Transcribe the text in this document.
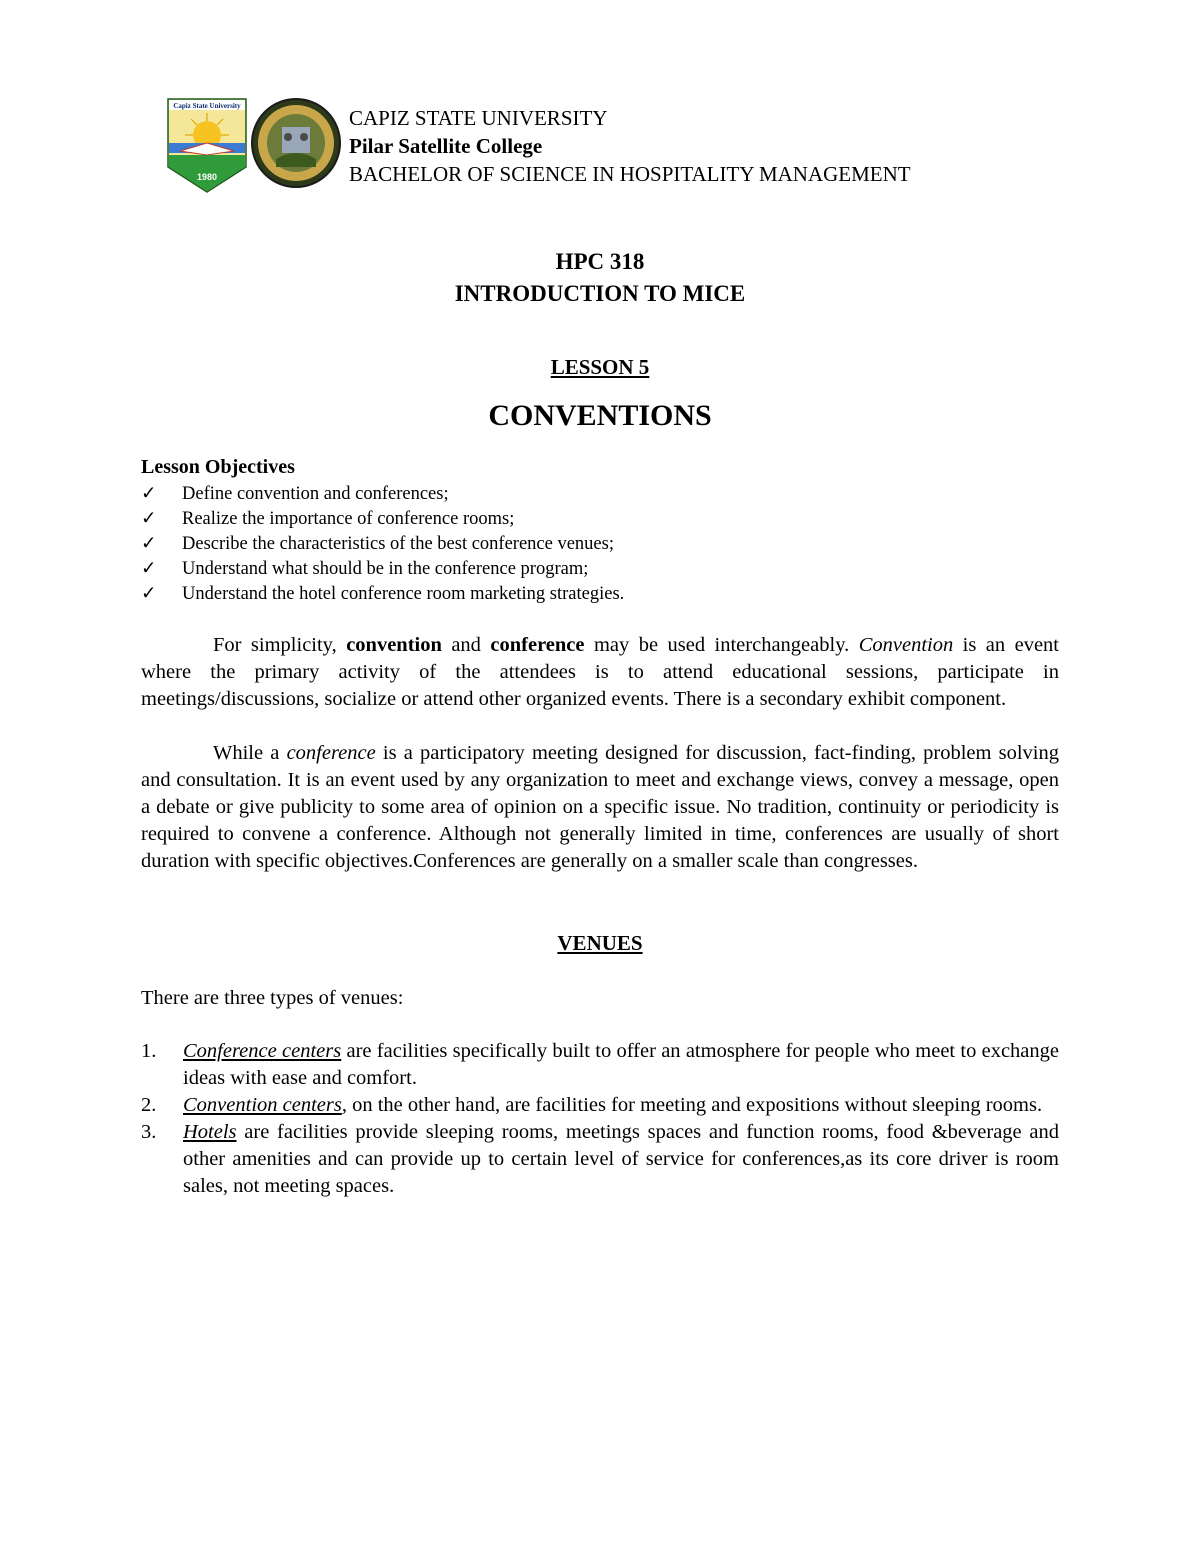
Capiz State University
1980
CAPIZ STATE UNIVERSITY
Pilar Satellite College
BACHELOR OF SCIENCE IN HOSPITALITY MANAGEMENT
HPC 318
INTRODUCTION TO MICE
LESSON 5
CONVENTIONS
Lesson Objectives
✓ Define convention and conferences;
✓ Realize the importance of conference rooms;
✓ Describe the characteristics of the best conference venues;
✓ Understand what should be in the conference program;
✓ Understand the hotel conference room marketing strategies.

For simplicity, convention and conference may be used interchangeably. Convention is an event where the primary activity of the attendees is to attend educational sessions, participate in meetings/discussions, socialize or attend other organized events. There is a secondary exhibit component.

While a conference is a participatory meeting designed for discussion, fact-finding, problem solving and consultation. It is an event used by any organization to meet and exchange views, convey a message, open a debate or give publicity to some area of opinion on a specific issue. No tradition, continuity or periodicity is required to convene a conference. Although not generally limited in time, conferences are usually of short duration with specific objectives.Conferences are generally on a smaller scale than congresses.

VENUES
There are three types of venues:
1. Conference centers are facilities specifically built to offer an atmosphere for people who meet to exchange ideas with ease and comfort.
2. Convention centers, on the other hand, are facilities for meeting and expositions without sleeping rooms.
3. Hotels are facilities provide sleeping rooms, meetings spaces and function rooms, food &beverage and other amenities and can provide up to certain level of service for conferences,as its core driver is room sales, not meeting spaces.
